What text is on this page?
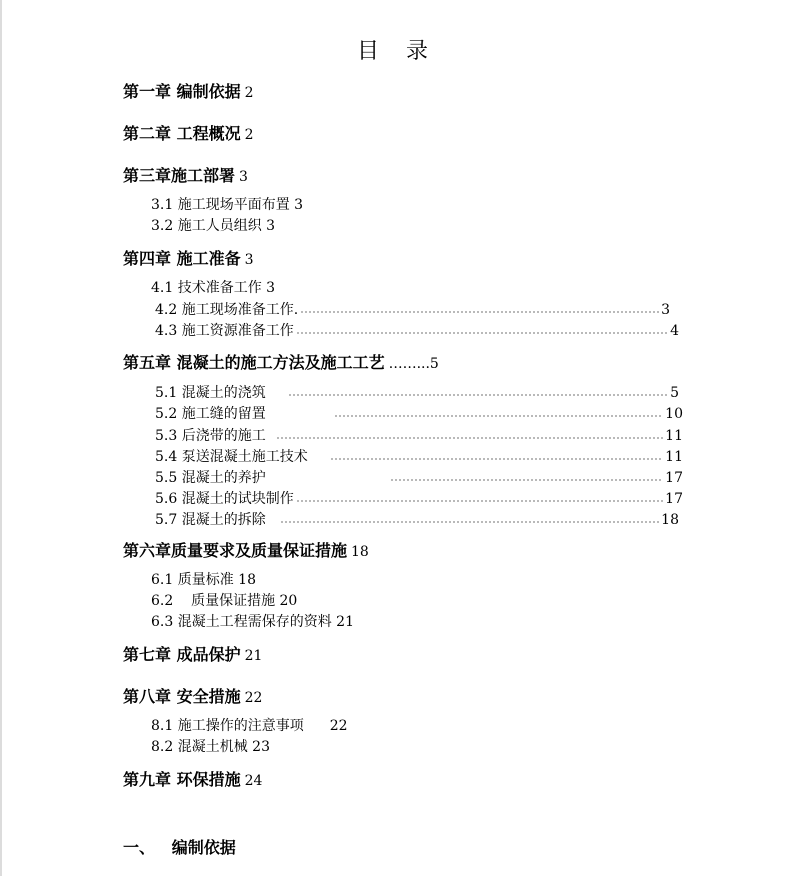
目 录
第一章 编制依据 2
第二章 工程概况 2
第三章施工部署 3
3.1 施工现场平面布置 3
3.2 施工人员组织 3
第四章 施工准备 3
4.1 技术准备工作 3
4.2 施工现场准备工作.	3
4.3 施工资源准备工作	4
第五章 混凝土的施工方法及施工工艺 ……...5
5.1 混凝土的浇筑	5
5.2 施工缝的留置	10
5.3 后浇带的施工	11
5.4 泵送混凝土施工技术	11
5.5 混凝土的养护	17
5.6 混凝土的试块制作	17
5.7 混凝土的拆除	18
第六章质量要求及质量保证措施 18
6.1 质量标准 18
6.2    质量保证措施 20
6.3 混凝土工程需保存的资料 21
第七章 成品保护 21
第八章 安全措施 22
8.1 施工操作的注意事项 22
8.2 混凝土机械 23
第九章 环保措施 24
一、   编制依据
